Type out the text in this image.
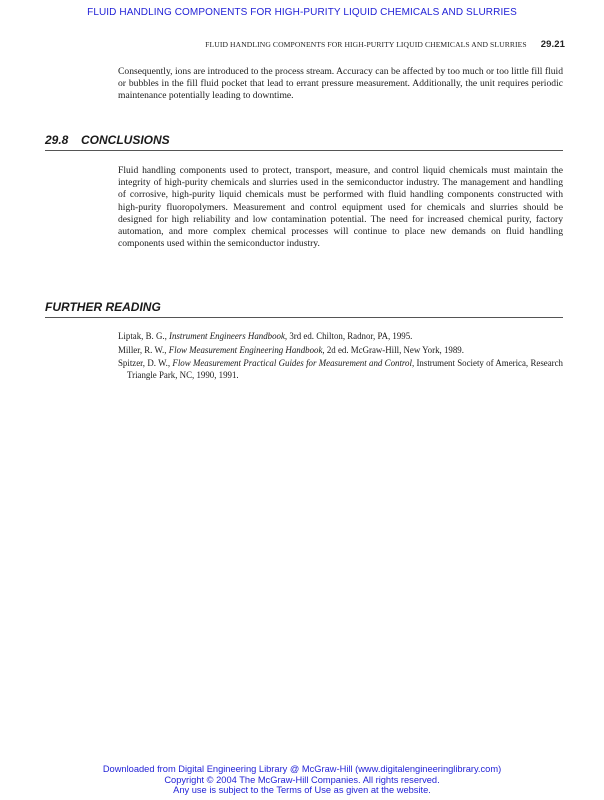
FLUID HANDLING COMPONENTS FOR HIGH-PURITY LIQUID CHEMICALS AND SLURRIES
FLUID HANDLING COMPONENTS FOR HIGH-PURITY LIQUID CHEMICALS AND SLURRIES 29.21
Consequently, ions are introduced to the process stream. Accuracy can be affected by too much or too little fill fluid or bubbles in the fill fluid pocket that lead to errant pressure measurement. Additionally, the unit requires periodic maintenance potentially leading to downtime.
29.8 CONCLUSIONS
Fluid handling components used to protect, transport, measure, and control liquid chemicals must maintain the integrity of high-purity chemicals and slurries used in the semiconductor industry. The management and handling of corrosive, high-purity liquid chemicals must be performed with fluid handling components constructed with high-purity fluoropolymers. Measurement and control equipment used for chemicals and slurries should be designed for high reliability and low contamination potential. The need for increased chemical purity, factory automation, and more complex chemical processes will continue to place new demands on fluid handling components used within the semiconductor industry.
FURTHER READING
Liptak, B. G., Instrument Engineers Handbook, 3rd ed. Chilton, Radnor, PA, 1995.
Miller, R. W., Flow Measurement Engineering Handbook, 2d ed. McGraw-Hill, New York, 1989.
Spitzer, D. W., Flow Measurement Practical Guides for Measurement and Control, Instrument Society of America, Research Triangle Park, NC, 1990, 1991.
Downloaded from Digital Engineering Library @ McGraw-Hill (www.digitalengineeringlibrary.com)
Copyright © 2004 The McGraw-Hill Companies. All rights reserved.
Any use is subject to the Terms of Use as given at the website.
